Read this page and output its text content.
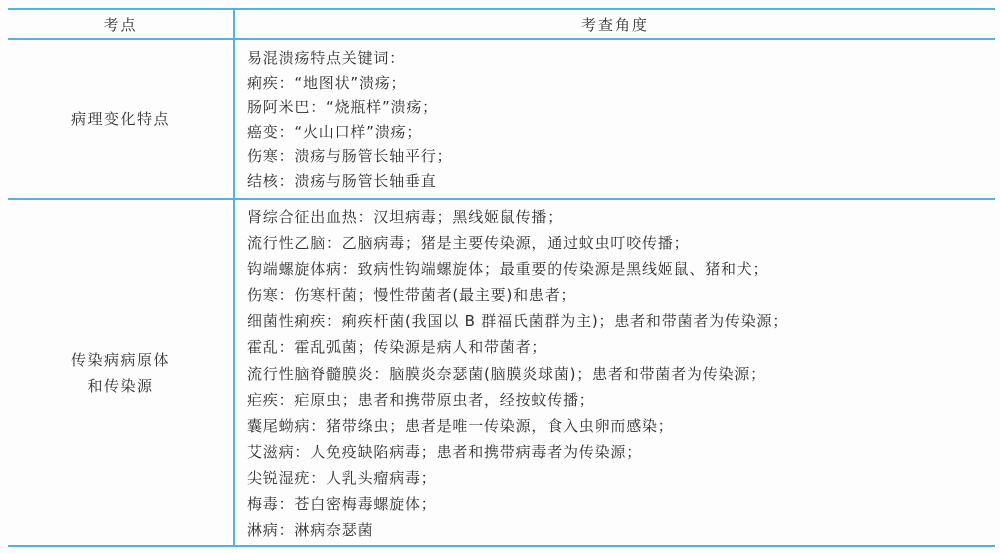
考点	考查角度
病理变化特点
易混溃疡特点关键词：
痢疾：“地图状”溃疡；
肠阿米巴：“烧瓶样”溃疡；
癌变：“火山口样”溃疡；
伤寒：溃疡与肠管长轴平行；
结核：溃疡与肠管长轴垂直
传染病病原体
和传染源
肾综合征出血热：汉坦病毒；黑线姬鼠传播；
流行性乙脑：乙脑病毒；猪是主要传染源，通过蚊虫叮咬传播；
钩端螺旋体病：致病性钩端螺旋体；最重要的传染源是黑线姬鼠、猪和犬；
伤寒：伤寒杆菌；慢性带菌者(最主要)和患者；
细菌性痢疾：痢疾杆菌(我国以 B 群福氏菌群为主)；患者和带菌者为传染源；
霍乱：霍乱弧菌；传染源是病人和带菌者；
流行性脑脊髓膜炎：脑膜炎奈瑟菌(脑膜炎球菌)；患者和带菌者为传染源；
疟疾：疟原虫；患者和携带原虫者，经按蚊传播；
囊尾蚴病：猪带绦虫；患者是唯一传染源，食入虫卵而感染；
艾滋病：人免疫缺陷病毒；患者和携带病毒者为传染源；
尖锐湿疣：人乳头瘤病毒；
梅毒：苍白密梅毒螺旋体；
淋病：淋病奈瑟菌
